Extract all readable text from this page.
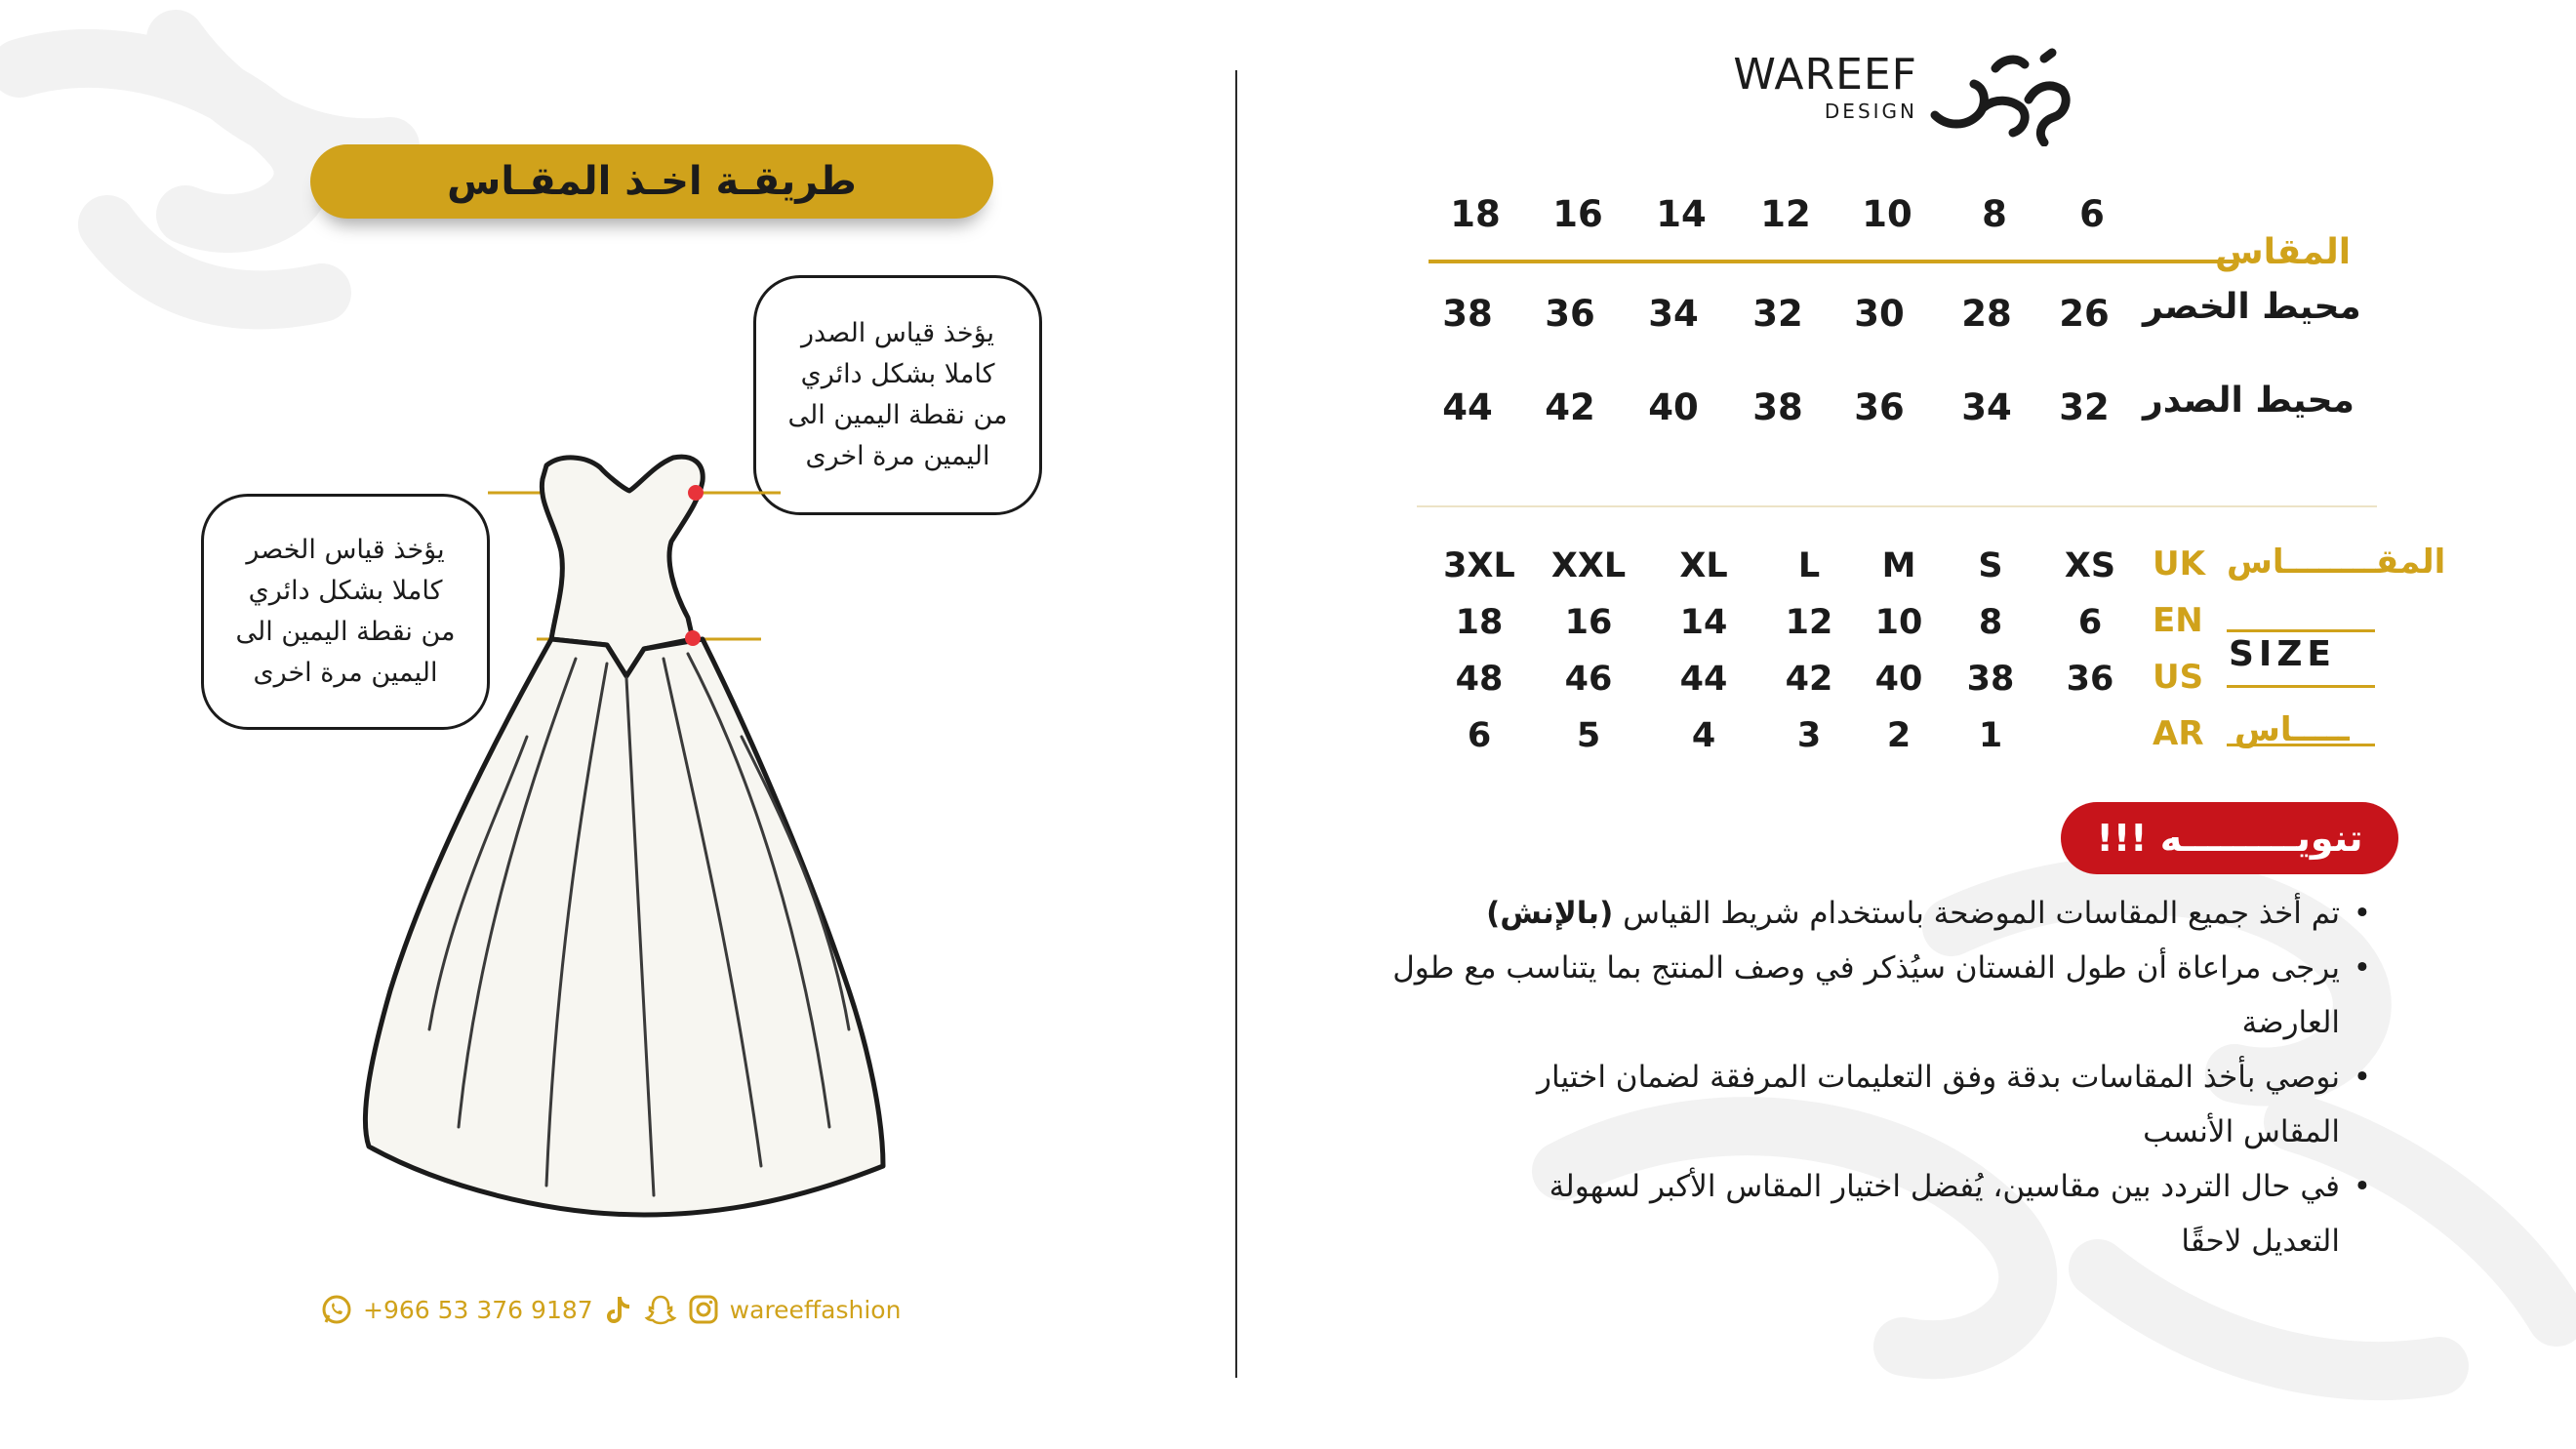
طريقـة اخـذ المقـاس
يؤخذ قياس الصدر
كاملا بشكل دائري
من نقطة اليمين الى
اليمين مرة اخرى
يؤخذ قياس الخصر
كاملا بشكل دائري
من نقطة اليمين الى
اليمين مرة اخرى
+966 53 376 9187	wareeffashion
WAREEF
DESIGN
المقاس
6
8
10
12
14
16
18
محيط الخصر
26
28
30
32
34
36
38
محيط الصدر
32
34
36
38
40
42
44
المقــــــــاس
SIZE
ـــــاس
UK
XS
S
M
L
XL
XXL
3XL
EN
6
8
10
12
14
16
18
US
36
38
40
42
44
46
48
AR
1
2
3
4
5
6
تنويـــــــــه !!!
• تم أخذ جميع المقاسات الموضحة باستخدام شريط القياس (بالإنش)
• يرجى مراعاة أن طول الفستان سيُذكر في وصف المنتج بما يتناسب مع طول العارضة
• نوصي بأخذ المقاسات بدقة وفق التعليمات المرفقة لضمان اختيار المقاس الأنسب
• في حال التردد بين مقاسين، يُفضل اختيار المقاس الأكبر لسهولة التعديل لاحقًا
